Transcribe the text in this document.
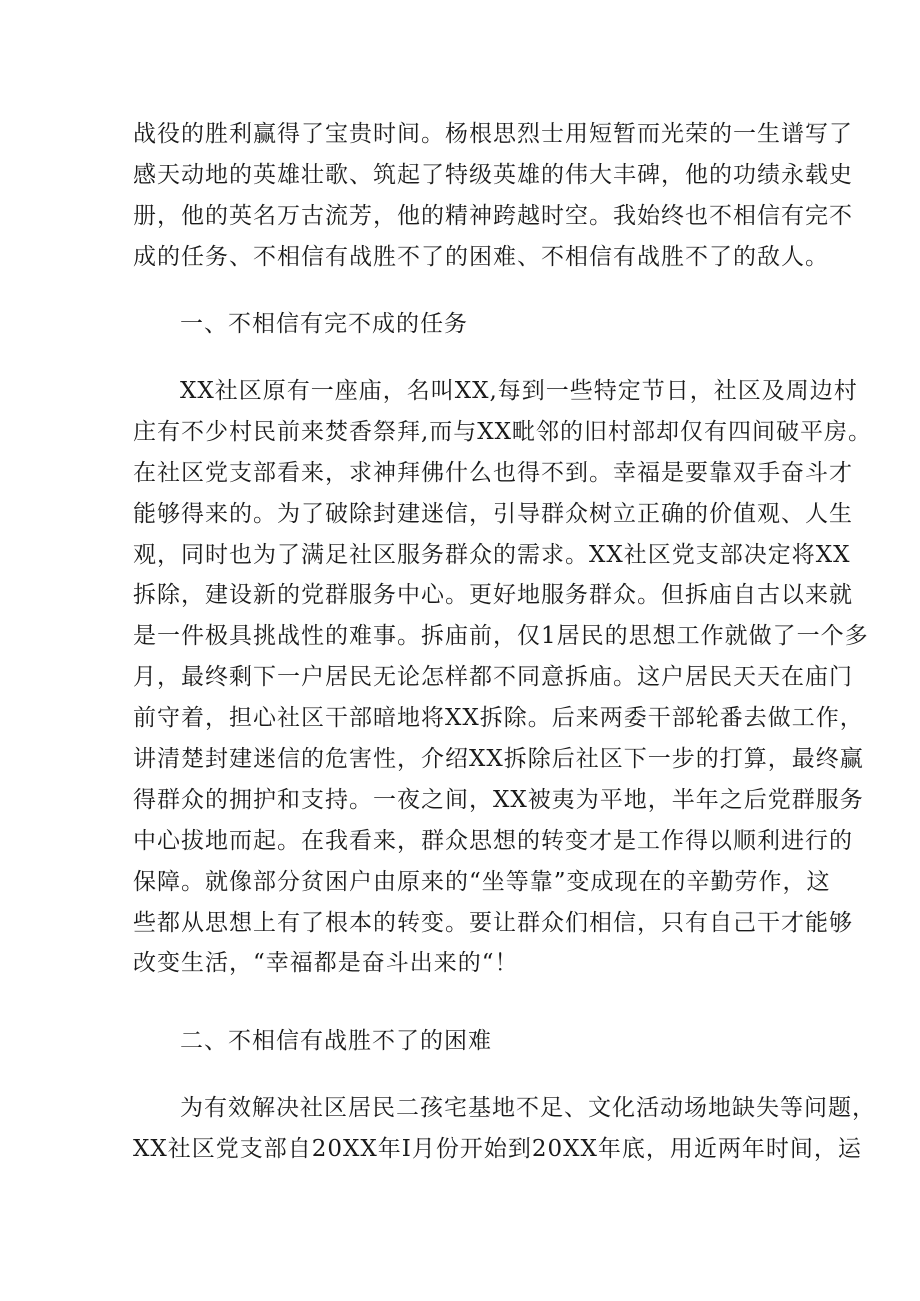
战役的胜利赢得了宝贵时间。杨根思烈士用短暂而光荣的一生谱写了
感天动地的英雄壮歌、筑起了特级英雄的伟大丰碑，他的功绩永载史
册，他的英名万古流芳，他的精神跨越时空。我始终也不相信有完不
成的任务、不相信有战胜不了的困难、不相信有战胜不了的敌人。
一、不相信有完不成的任务
XX社区原有一座庙，名叫XX,每到一些特定节日，社区及周边村
庄有不少村民前来焚香祭拜,而与XX毗邻的旧村部却仅有四间破平房。
在社区党支部看来，求神拜佛什么也得不到。幸福是要靠双手奋斗才
能够得来的。为了破除封建迷信，引导群众树立正确的价值观、人生
观，同时也为了满足社区服务群众的需求。XX社区党支部决定将XX
拆除，建设新的党群服务中心。更好地服务群众。但拆庙自古以来就
是一件极具挑战性的难事。拆庙前，仅1居民的思想工作就做了一个多
月，最终剩下一户居民无论怎样都不同意拆庙。这户居民天天在庙门
前守着，担心社区干部暗地将XX拆除。后来两委干部轮番去做工作，
讲清楚封建迷信的危害性，介绍XX拆除后社区下一步的打算，最终赢
得群众的拥护和支持。一夜之间，XX被夷为平地，半年之后党群服务
中心拔地而起。在我看来，群众思想的转变才是工作得以顺利进行的
保障。就像部分贫困户由原来的“坐等靠”变成现在的辛勤劳作，这
些都从思想上有了根本的转变。要让群众们相信，只有自己干才能够
改变生活，“幸福都是奋斗出来的“！
二、不相信有战胜不了的困难
为有效解决社区居民二孩宅基地不足、文化活动场地缺失等问题，
XX社区党支部自20XX年I月份开始到20XX年底，用近两年时间，运
